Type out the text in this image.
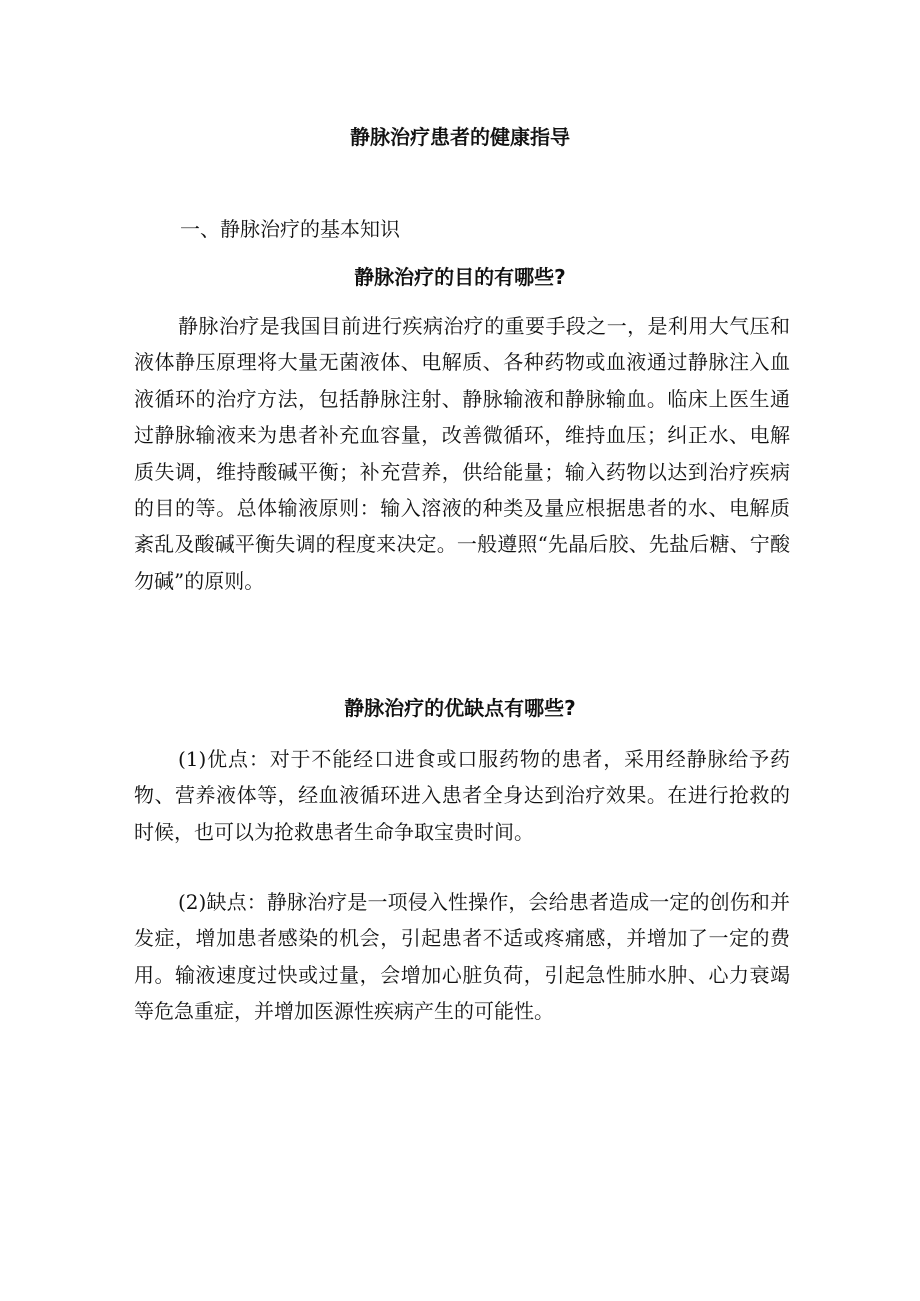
静脉治疗患者的健康指导
一、静脉治疗的基本知识
静脉治疗的目的有哪些?

静脉治疗是我国目前进行疾病治疗的重要手段之一，是利用大气压和液体静压原理将大量无菌液体、电解质、各种药物或血液通过静脉注入血液循环的治疗方法，包括静脉注射、静脉输液和静脉输血。临床上医生通过静脉输液来为患者补充血容量，改善微循环，维持血压；纠正水、电解质失调，维持酸碱平衡；补充营养，供给能量；输入药物以达到治疗疾病的目的等。总体输液原则：输入溶液的种类及量应根据患者的水、电解质紊乱及酸碱平衡失调的程度来决定。一般遵照“先晶后胶、先盐后糖、宁酸勿碱”的原则。

静脉治疗的优缺点有哪些?

(1)优点：对于不能经口进食或口服药物的患者，采用经静脉给予药物、营养液体等，经血液循环进入患者全身达到治疗效果。在进行抢救的时候，也可以为抢救患者生命争取宝贵时间。

(2)缺点：静脉治疗是一项侵入性操作，会给患者造成一定的创伤和并发症，增加患者感染的机会，引起患者不适或疼痛感，并增加了一定的费用。输液速度过快或过量，会增加心脏负荷，引起急性肺水肿、心力衰竭等危急重症，并增加医源性疾病产生的可能性。
